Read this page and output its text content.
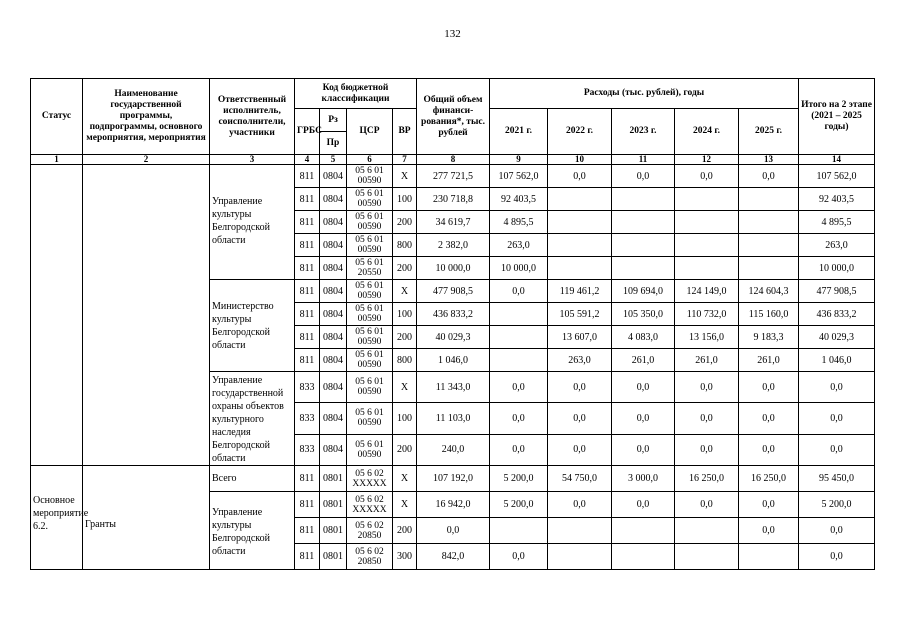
132
Статус	Наименование государственной программы, подпрограммы, основного мероприятия, мероприятия	Ответственный исполнитель, соисполнители, участники	Код бюджетной классификации				Общий объем финанси-рования*, тыс. рублей	Расходы (тыс. рублей), годы					Итого на 2 этапе (2021 – 2025 годы)
			ГРБС	Рз	ЦСР	ВР		2021 г.	2022 г.	2023 г.	2024 г.	2025 г.	
				Пр									
1	2	3	4	5	6	7	8	9	10	11	12	13	14
		Управление культуры Белгородской области	811	0804	05 6 01 00590	X	277 721,5	107 562,0	0,0	0,0	0,0	0,0	107 562,0
			811	0804	05 6 01 00590	100	230 718,8	92 403,5					92 403,5
			811	0804	05 6 01 00590	200	34 619,7	4 895,5					4 895,5
			811	0804	05 6 01 00590	800	2 382,0	263,0					263,0
			811	0804	05 6 01 20550	200	10 000,0	10 000,0					10 000,0
		Министерство культуры Белгородской области	811	0804	05 6 01 00590	X	477 908,5	0,0	119 461,2	109 694,0	124 149,0	124 604,3	477 908,5
			811	0804	05 6 01 00590	100	436 833,2		105 591,2	105 350,0	110 732,0	115 160,0	436 833,2
			811	0804	05 6 01 00590	200	40 029,3		13 607,0	4 083,0	13 156,0	9 183,3	40 029,3
			811	0804	05 6 01 00590	800	1 046,0		263,0	261,0	261,0	261,0	1 046,0
		Управление государственной охраны объектов культурного наследия Белгородской области	833	0804	05 6 01 00590	X	11 343,0	0,0	0,0	0,0	0,0	0,0	0,0
			833	0804	05 6 01 00590	100	11 103,0	0,0	0,0	0,0	0,0	0,0	0,0
			833	0804	05 6 01 00590	200	240,0	0,0	0,0	0,0	0,0	0,0	0,0
Основное мероприятие 6.2.	Гранты	Всего	811	0801	05 6 02 XXXXX	X	107 192,0	5 200,0	54 750,0	3 000,0	16 250,0	16 250,0	95 450,0
		Управление культуры Белгородской области	811	0801	05 6 02 XXXXX	X	16 942,0	5 200,0	0,0	0,0	0,0	0,0	5 200,0
			811	0801	05 6 02 20850	200	0,0					0,0	0,0
			811	0801	05 6 02 20850	300	842,0	0,0					0,0
